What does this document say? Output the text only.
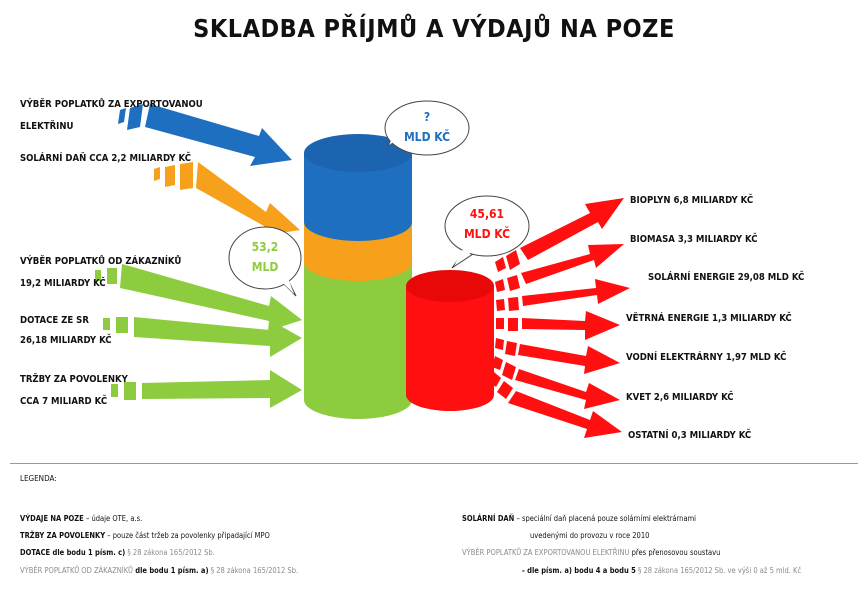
SKLADBA PŘÍJMŮ A VÝDAJŮ NA POZE
?
MLD KČ
53,2
MLD
45,61
MLD KČ
VÝBĚR POPLATKŮ ZA EXPORTOVANOU
ELEKTŘINU
SOLÁRNÍ DAŇ CCA 2,2 MILIARDY KČ
VÝBĚR POPLATKŮ OD ZÁKAZNÍKŮ
19,2 MILIARDY KČ
DOTACE ZE SR
26,18 MILIARDY KČ
TRŽBY ZA POVOLENKY
CCA 7 MILIARD KČ
BIOPLYN 6,8 MILIARDY KČ
BIOMASA 3,3 MILIARDY KČ
SOLÁRNÍ ENERGIE 29,08 MLD KČ
VĚTRNÁ ENERGIE 1,3 MILIARDY KČ
VODNÍ ELEKTRÁRNY 1,97 MLD KČ
KVET 2,6 MILIARDY KČ
OSTATNÍ 0,3 MILIARDY KČ
LEGENDA:
VÝDAJE NA POZE – údaje OTE, a.s.
TRŽBY ZA POVOLENKY – pouze část tržeb za povolenky připadající MPO
DOTACE dle bodu 1 písm. c) § 28 zákona 165/2012 Sb.
VÝBĚR POPLATKŮ OD ZÁKAZNÍKŮ dle bodu 1 písm. a) § 28 zákona 165/2012 Sb.
SOLÁRNÍ DAŇ – speciální daň placená pouze solárními elektrárnami
uvedenými do provozu v roce 2010
VÝBĚR POPLATKŮ ZA EXPORTOVANOU ELEKTŘINU přes přenosovou soustavu
- dle písm. a) bodu 4 a bodu 5 § 28 zákona 165/2012 Sb. ve výši 0 až 5 mld. Kč
